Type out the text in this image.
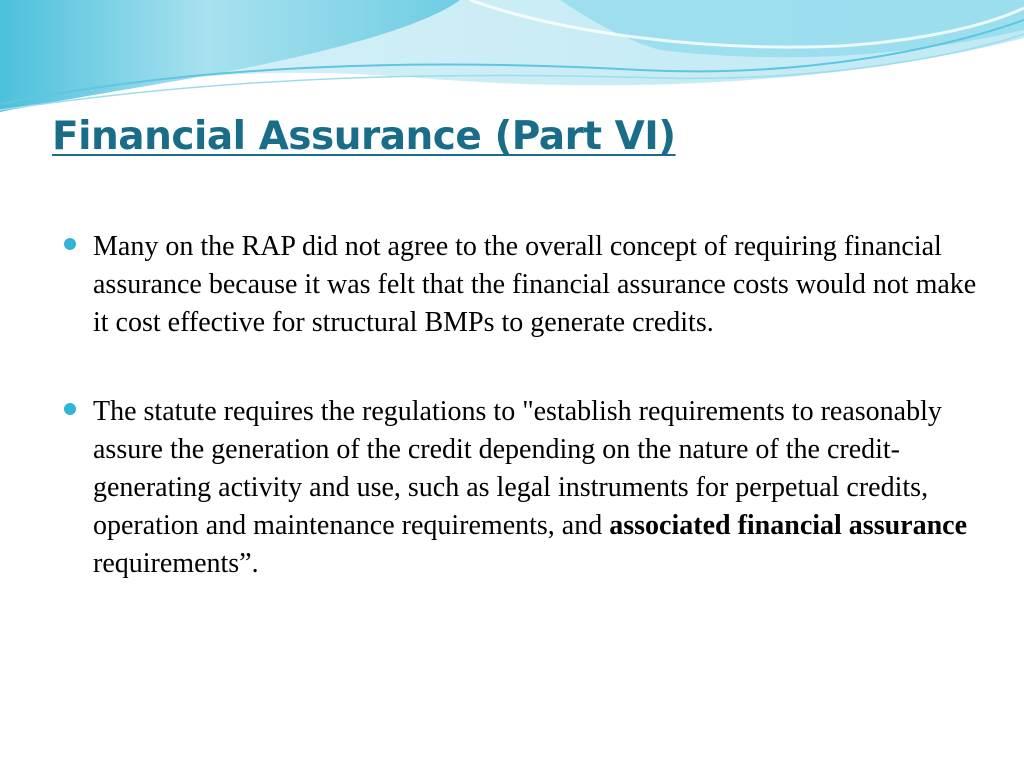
Financial Assurance (Part VI)
Many on the RAP did not agree to the overall concept of requiring financial assurance because it was felt that the financial assurance costs would not make it cost effective for structural BMPs to generate credits.
The statute requires the regulations to "establish requirements to reasonably assure the generation of the credit depending on the nature of the credit-generating activity and use, such as legal instruments for perpetual credits, operation and maintenance requirements, and associated financial assurance requirements”.
